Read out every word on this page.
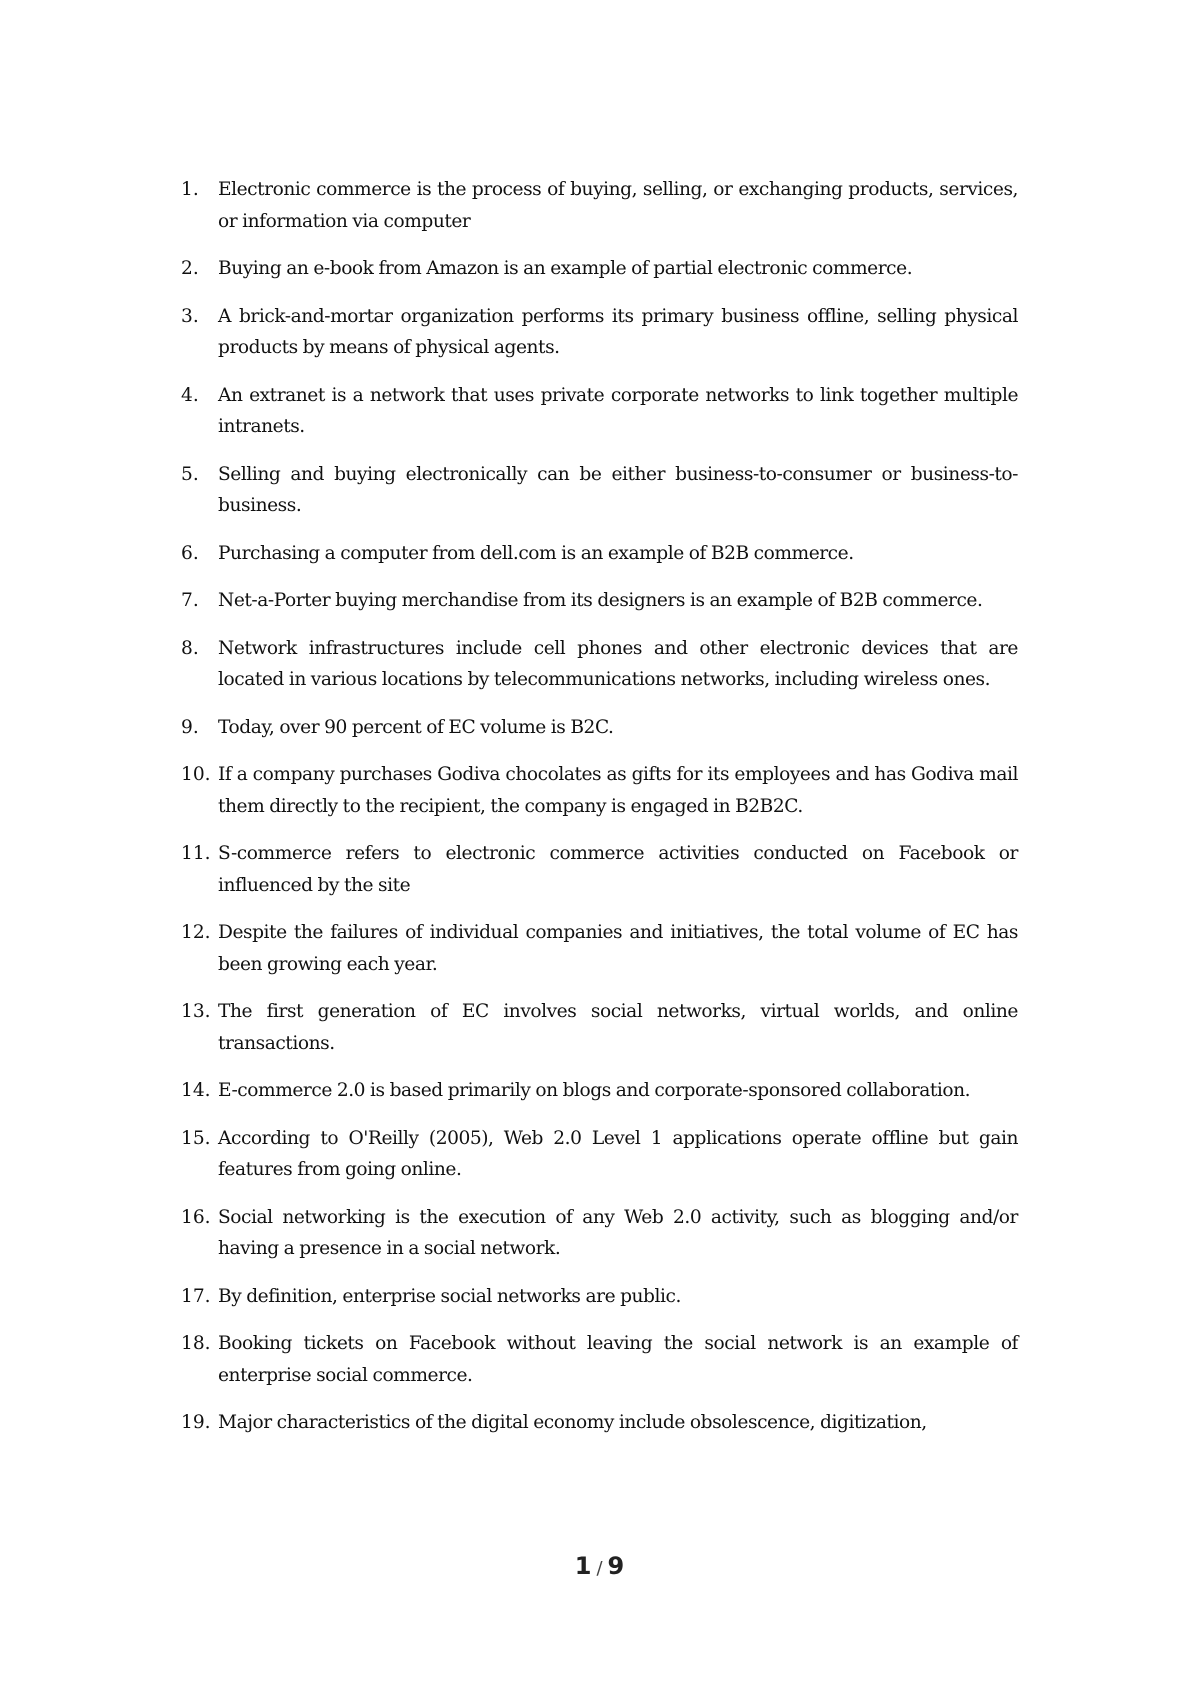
1.	Electronic commerce is the process of buying, selling, or exchanging products, services, or information via computer
2.	Buying an e-book from Amazon is an example of partial electronic commerce.
3.	A brick-and-mortar organization performs its primary business offline, selling physical products by means of physical agents.
4.	An extranet is a network that uses private corporate networks to link together multiple intranets.
5.	Selling and buying electronically can be either business-to-consumer or business-to-business.
6.	Purchasing a computer from dell.com is an example of B2B commerce.
7.	Net-a-Porter buying merchandise from its designers is an example of B2B commerce.
8.	Network infrastructures include cell phones and other electronic devices that are located in various locations by telecommunications networks, including wireless ones.
9.	Today, over 90 percent of EC volume is B2C.
10. If a company purchases Godiva chocolates as gifts for its employees and has Godiva mail them directly to the recipient, the company is engaged in B2B2C.
11. S-commerce refers to electronic commerce activities conducted on Facebook or influenced by the site
12. Despite the failures of individual companies and initiatives, the total volume of EC has been growing each year.
13. The first generation of EC involves social networks, virtual worlds, and online transactions.
14. E-commerce 2.0 is based primarily on blogs and corporate-sponsored collaboration.
15. According to O'Reilly (2005), Web 2.0 Level 1 applications operate offline but gain features from going online.
16. Social networking is the execution of any Web 2.0 activity, such as blogging and/or having a presence in a social network.
17. By definition, enterprise social networks are public.
18. Booking tickets on Facebook without leaving the social network is an example of enterprise social commerce.
19. Major characteristics of the digital economy include obsolescence, digitization,
1 / 9
